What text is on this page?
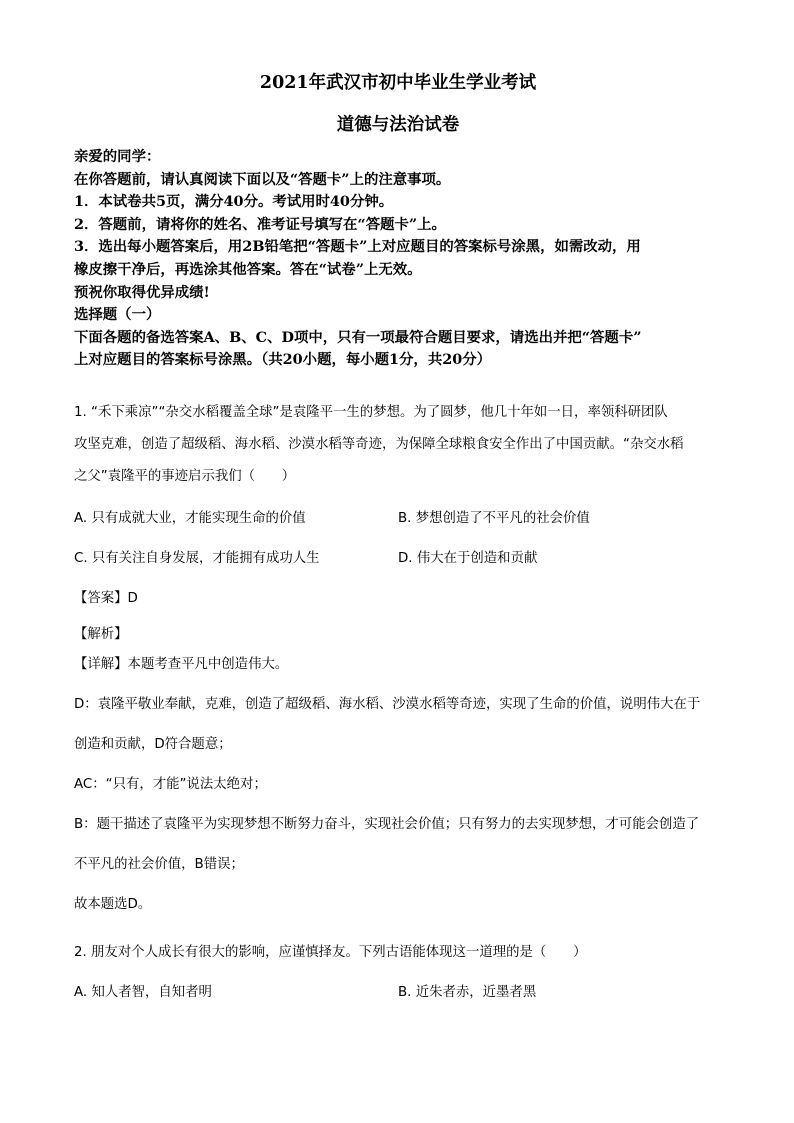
2021年武汉市初中毕业生学业考试
道德与法治试卷

亲爱的同学：

在你答题前，请认真阅读下面以及“答题卡”上的注意事项。

1．本试卷共5页，满分40分。考试用时40分钟。

2．答题前，请将你的姓名、准考证号填写在“答题卡”上。

3．选出每小题答案后，用2B铅笔把“答题卡”上对应题目的答案标号涂黑，如需改动，用

橡皮擦干净后，再选涂其他答案。答在“试卷”上无效。

预祝你取得优异成绩!

选择题（一）

下面各题的备选答案A、B、C、D项中，只有一项最符合题目要求，请选出并把“答题卡”

上对应题目的答案标号涂黑。（共20小题，每小题1分，共20分）

1. “禾下乘凉”“杂交水稻覆盖全球”是袁隆平一生的梦想。为了圆梦，他几十年如一日，率领科研团队
攻坚克难，创造了超级稻、海水稻、沙漠水稻等奇迹，为保障全球粮食安全作出了中国贡献。“杂交水稻
之父”袁隆平的事迹启示我们（　　）

A. 只有成就大业，才能实现生命的价值	B. 梦想创造了不平凡的社会价值
C. 只有关注自身发展，才能拥有成功人生	D. 伟大在于创造和贡献

【答案】D

【解析】

【详解】本题考查平凡中创造伟大。

D：袁隆平敬业奉献，克难，创造了超级稻、海水稻、沙漠水稻等奇迹，实现了生命的价值，说明伟大在于

创造和贡献，D符合题意；

AC：“只有，才能”说法太绝对；

B：题干描述了袁隆平为实现梦想不断努力奋斗，实现社会价值；只有努力的去实现梦想，才可能会创造了

不平凡的社会价值，B错误；

故本题选D。

2. 朋友对个人成长有很大的影响，应谨慎择友。下列古语能体现这一道理的是（　　）

A. 知人者智，自知者明	B. 近朱者赤，近墨者黑
